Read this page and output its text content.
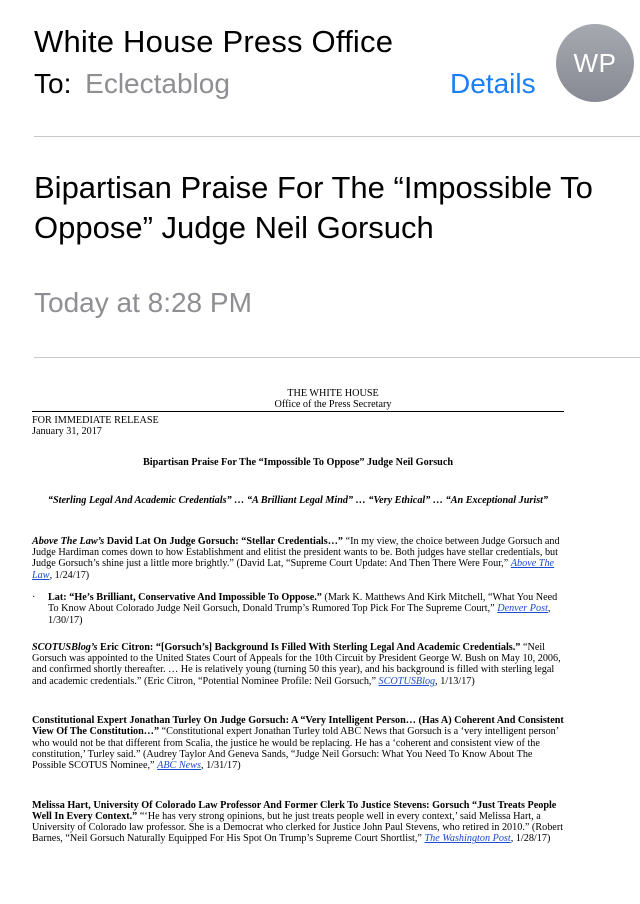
White House Press Office
To: Eclectablog	Details
WP
Bipartisan Praise For The “Impossible To Oppose” Judge Neil Gorsuch
Today at 8:28 PM
THE WHITE HOUSE
Office of the Press Secretary

FOR IMMEDIATE RELEASE

January 31, 2017

Bipartisan Praise For The “Impossible To Oppose” Judge Neil Gorsuch

“Sterling Legal And Academic Credentials” … “A Brilliant Legal Mind” … “Very Ethical” … “An Exceptional Jurist”

Above The Law’s David Lat On Judge Gorsuch: “Stellar Credentials…” “In my view, the choice between Judge Gorsuch and Judge Hardiman comes down to how Establishment and elitist the president wants to be. Both judges have stellar credentials, but Judge Gorsuch’s shine just a little more brightly.” (David Lat, “Supreme Court Update: And Then There Were Four,” Above The Law, 1/24/17)

· Lat: “He’s Brilliant, Conservative And Impossible To Oppose.” (Mark K. Matthews And Kirk Mitchell, “What You Need To Know About Colorado Judge Neil Gorsuch, Donald Trump’s Rumored Top Pick For The Supreme Court,” Denver Post, 1/30/17)

SCOTUSBlog’s Eric Citron: “[Gorsuch’s] Background Is Filled With Sterling Legal And Academic Credentials.” “Neil Gorsuch was appointed to the United States Court of Appeals for the 10th Circuit by President George W. Bush on May 10, 2006, and confirmed shortly thereafter. … He is relatively young (turning 50 this year), and his background is filled with sterling legal and academic credentials.” (Eric Citron, “Potential Nominee Profile: Neil Gorsuch,” SCOTUSBlog, 1/13/17)

Constitutional Expert Jonathan Turley On Judge Gorsuch: A “Very Intelligent Person… (Has A) Coherent And Consistent View Of The Constitution…” “Constitutional expert Jonathan Turley told ABC News that Gorsuch is a ‘very intelligent person’ who would not be that different from Scalia, the justice he would be replacing. He has a ‘coherent and consistent view of the constitution,’ Turley said.” (Audrey Taylor And Geneva Sands, “Judge Neil Gorsuch: What You Need To Know About The Possible SCOTUS Nominee,” ABC News, 1/31/17)

Melissa Hart, University Of Colorado Law Professor And Former Clerk To Justice Stevens: Gorsuch “Just Treats People Well In Every Context.” “‘He has very strong opinions, but he just treats people well in every context,’ said Melissa Hart, a University of Colorado law professor. She is a Democrat who clerked for Justice John Paul Stevens, who retired in 2010.” (Robert Barnes, “Neil Gorsuch Naturally Equipped For His Spot On Trump’s Supreme Court Shortlist,” The Washington Post, 1/28/17)
